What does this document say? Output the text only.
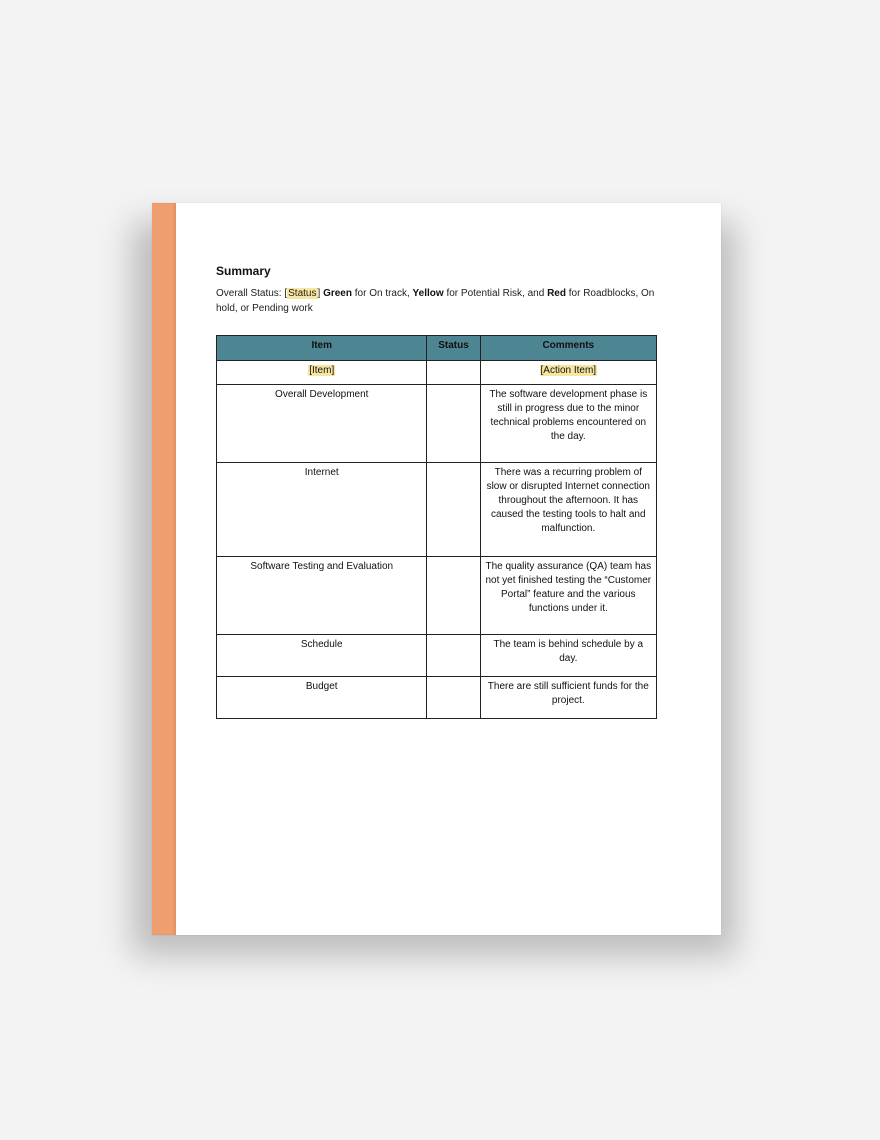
Summary

Overall Status: [Status] Green for On track, Yellow for Potential Risk, and Red for Roadblocks, On hold, or Pending work

Item	Status	Comments

[Item]		[Action Item]

Overall Development		The software development phase is still in progress due to the minor technical problems encountered on the day.

Internet		There was a recurring problem of slow or disrupted Internet connection throughout the afternoon. It has caused the testing tools to halt and malfunction.

Software Testing and Evaluation		The quality assurance (QA) team has not yet finished testing the “Customer Portal” feature and the various functions under it.

Schedule		The team is behind schedule by a day.

Budget		There are still sufficient funds for the project.
